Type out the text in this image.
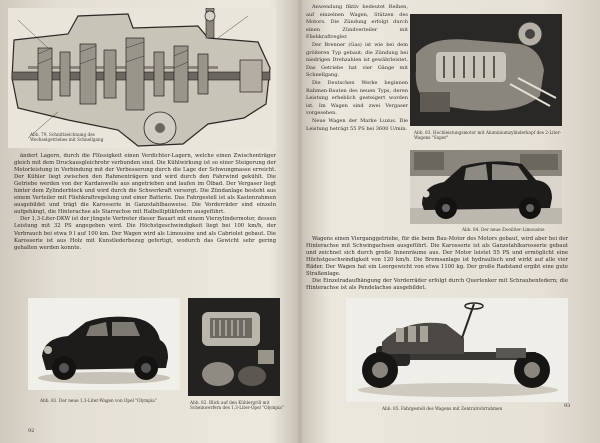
Abb. 79. Schnittzeichnung des Wechselgetriebes mit Schnellgang

ändert Lagern, durch die Flüssigkeit einen Verdichter-Lagern, welche einen Zwischenträger gleich mit dem Druckausgleichrohr verbunden sind. Die Kühlwirkung ist so einer Steigerung der Motorleistung in Verbindung mit der Verbesserung durch die Lage der Schwungmasse erreicht. Der Kühler liegt zwischen den Rahmenträgern und wird durch den Fahrwind gekühlt. Die Getriebe werden von der Kardanwelle aus angetrieben und laufen im Ölbad. Der Vergaser liegt hinter dem Zylinderblock und wird durch die Schwerkraft versorgt. Die Zündanlage besteht aus einem Verteiler mit Fliehkraftregelung und einer Batterie. Das Fahrgestell ist als Kastenrahmen ausgebildet und trägt die Karosserie in Ganzstahlbauweise. Die Vorderräder sind einzeln aufgehängt, die Hinterachse als Starrachse mit Halbelliptikfedern ausgeführt.

Der 1,3-Liter-DKW ist der jüngste Vertreter dieser Bauart mit einem Vierzylindermotor, dessen Leistung mit 32 PS angegeben wird. Die Höchstgeschwindigkeit liegt bei 100 km/h, der Verbrauch bei etwa 9 l auf 100 km. Der Wagen wird als Limousine und als Cabriolet gebaut. Die Karosserie ist aus Holz mit Kunstlederbezug gefertigt, wodurch das Gewicht sehr gering gehalten werden konnte.

Abb. 81. Der neue 1,3-Liter-Wagen von Opel "Olympia"	Abb. 82. Blick auf den Kühlergrill mit Scheinwerfern des 1,3-Liter-Opel "Olympia"
92

Anwendung fiktiv bedeutet Reihen, auf einzelnen Wagen, Stützen des Motors. Die Zündung erfolgt durch einen Zündverteiler mit Fliehkraftregler.

Der Brenner (Gas) ist wie bei dem größeren Typ gebaut; die Zündung bei niedrigen Drehzahlen ist gewährleistet. Das Getriebe hat vier Gänge mit Schnellgang.

Die Deutschen Werke beginnen Rahmen-Bauten des neuen Typs, deren Leistung erheblich gesteigert worden ist. Im Wagen sind zwei Vergaser vorgesehen.

Neue Wagen der Marke Luxus. Die Leistung beträgt 55 PS bei 3600 U/min.

Abb. 83. Hochleistungsmotor mit Aluminiumzylinderkopf des 2-Liter-Wagens "Super"
Abb. 84. Der neue Zweiliter-Limousine

Wagens einen Vierganggetriebe, für die beim Bau-Motor des Motors gebaut, wird aber bei der Hinterachse mit Schwingachsen ausgeführt. Die Karosserie ist als Ganzstahlkarosserie gebaut und zeichnet sich durch große Innenräume aus. Der Motor leistet 55 PS und ermöglicht eine Höchstgeschwindigkeit von 120 km/h. Die Bremsanlage ist hydraulisch und wirkt auf alle vier Räder. Der Wagen hat ein Leergewicht von etwa 1100 kg. Der große Radstand ergibt eine gute Straßenlage.

Die Einzelradaufhängung der Vorderräder erfolgt durch Querlenker mit Schraubenfedern; die Hinterachse ist als Pendelachse ausgebildet.

Abb. 85. Fahrgestell des Wagens mit Zentralrohrrahmen	93
